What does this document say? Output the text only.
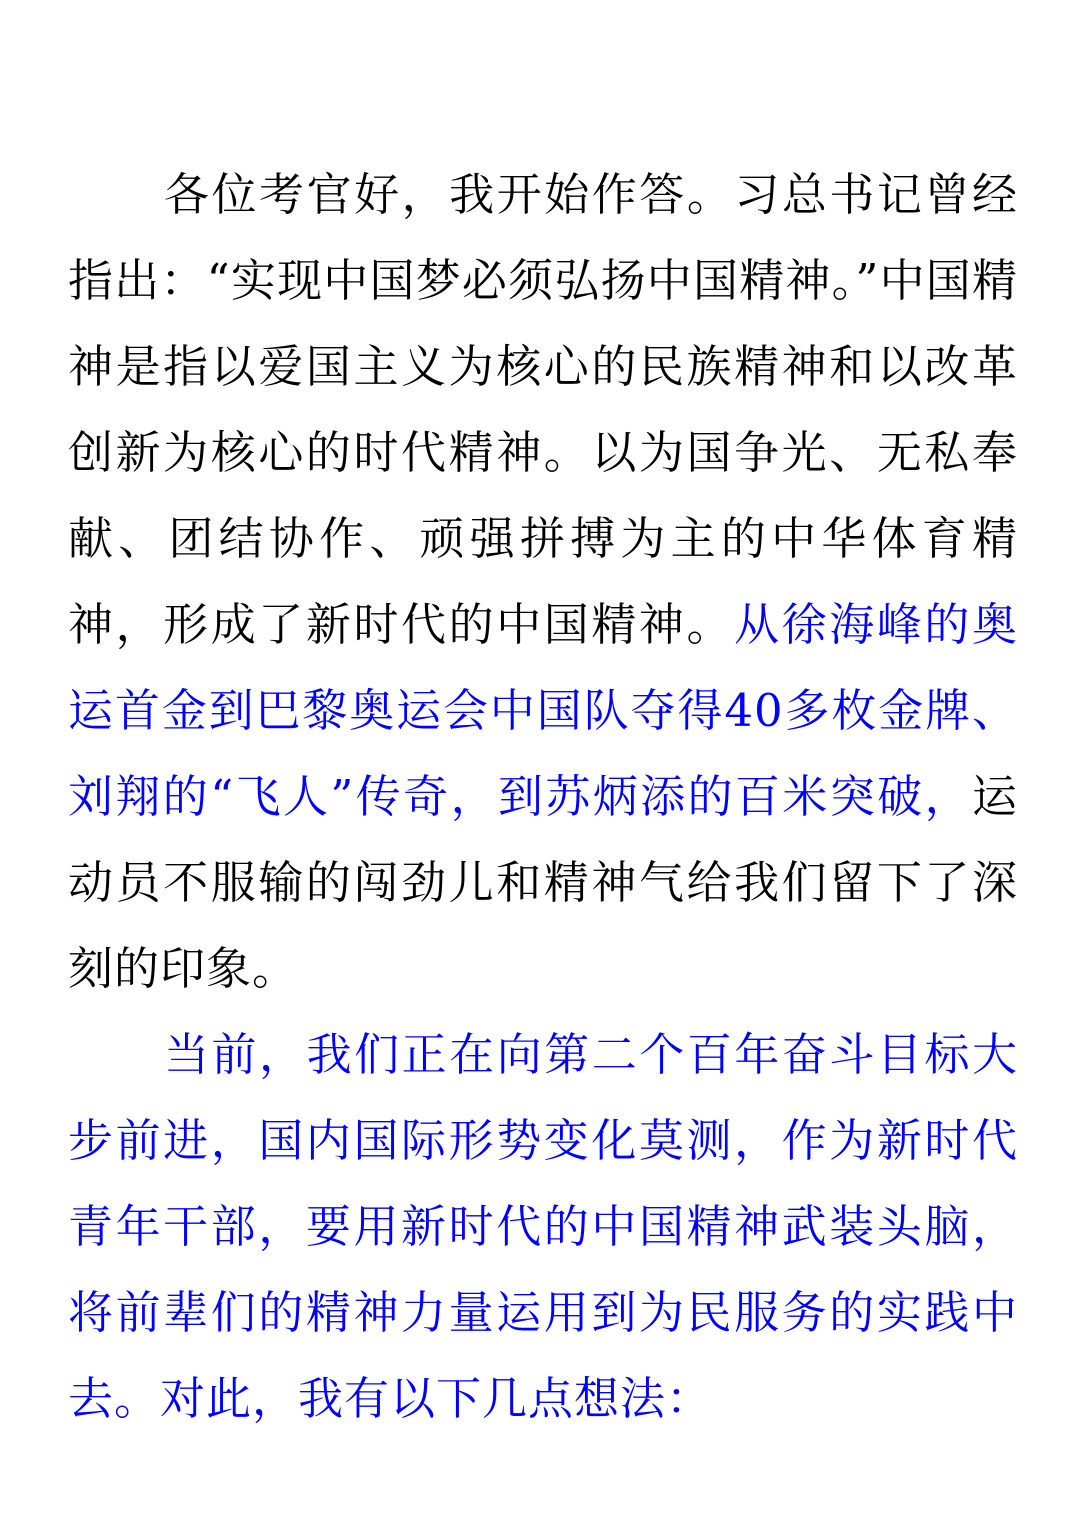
各位考官好，我开始作答。习总书记曾经指出：“实现中国梦必须弘扬中国精神。”中国精神是指以爱国主义为核心的民族精神和以改革创新为核心的时代精神。以为国争光、无私奉献、团结协作、顽强拼搏为主的中华体育精神，形成了新时代的中国精神。从徐海峰的奥运首金到巴黎奥运会中国队夺得40多枚金牌、刘翔的“飞人”传奇，到苏炳添的百米突破，运动员不服输的闯劲儿和精神气给我们留下了深刻的印象。

当前，我们正在向第二个百年奋斗目标大步前进，国内国际形势变化莫测，作为新时代青年干部，要用新时代的中国精神武装头脑，将前辈们的精神力量运用到为民服务的实践中去。对此，我有以下几点想法：
